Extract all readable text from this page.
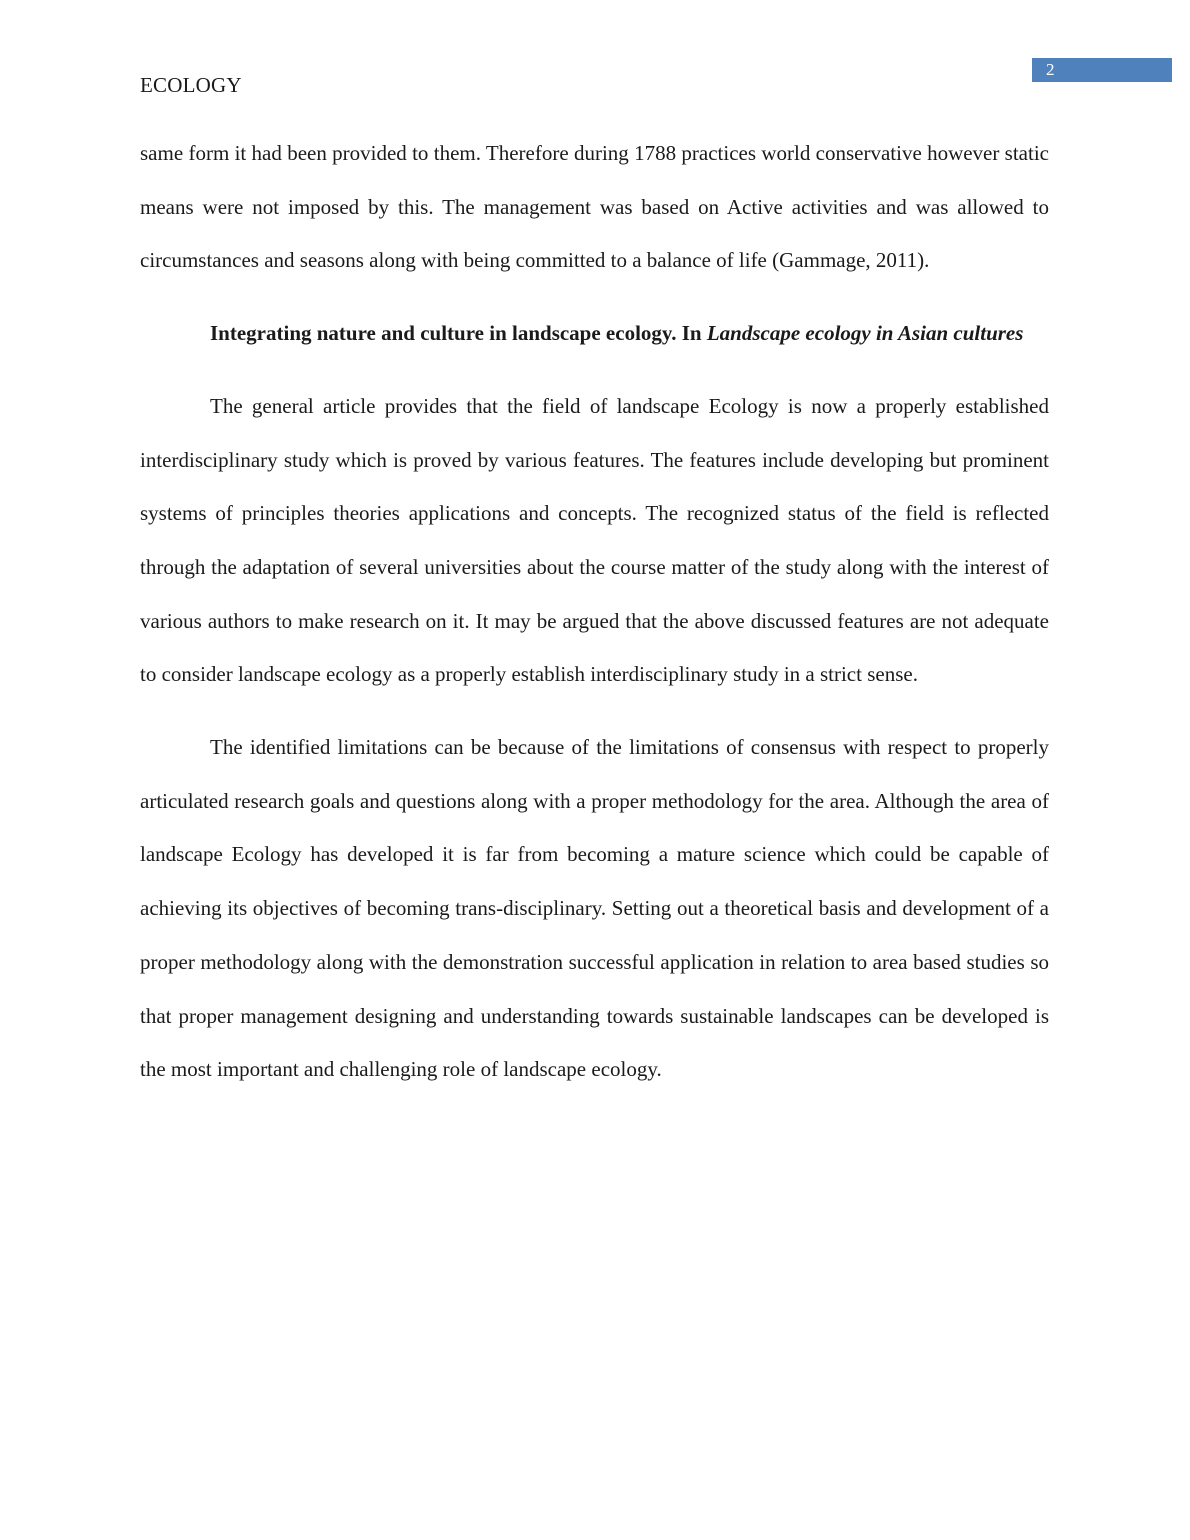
2
ECOLOGY

same form it had been provided to them. Therefore during 1788 practices world conservative however static means were not imposed by this. The management was based on Active activities and was allowed to circumstances and seasons along with being committed to a balance of life (Gammage, 2011).

Integrating nature and culture in landscape ecology. In Landscape ecology in Asian cultures

The general article provides that the field of landscape Ecology is now a properly established interdisciplinary study which is proved by various features. The features include developing but prominent systems of principles theories applications and concepts. The recognized status of the field is reflected through the adaptation of several universities about the course matter of the study along with the interest of various authors to make research on it. It may be argued that the above discussed features are not adequate to consider landscape ecology as a properly establish interdisciplinary study in a strict sense.

The identified limitations can be because of the limitations of consensus with respect to properly articulated research goals and questions along with a proper methodology for the area. Although the area of landscape Ecology has developed it is far from becoming a mature science which could be capable of achieving its objectives of becoming trans-disciplinary. Setting out a theoretical basis and development of a proper methodology along with the demonstration successful application in relation to area based studies so that proper management designing and understanding towards sustainable landscapes can be developed is the most important and challenging role of landscape ecology.
